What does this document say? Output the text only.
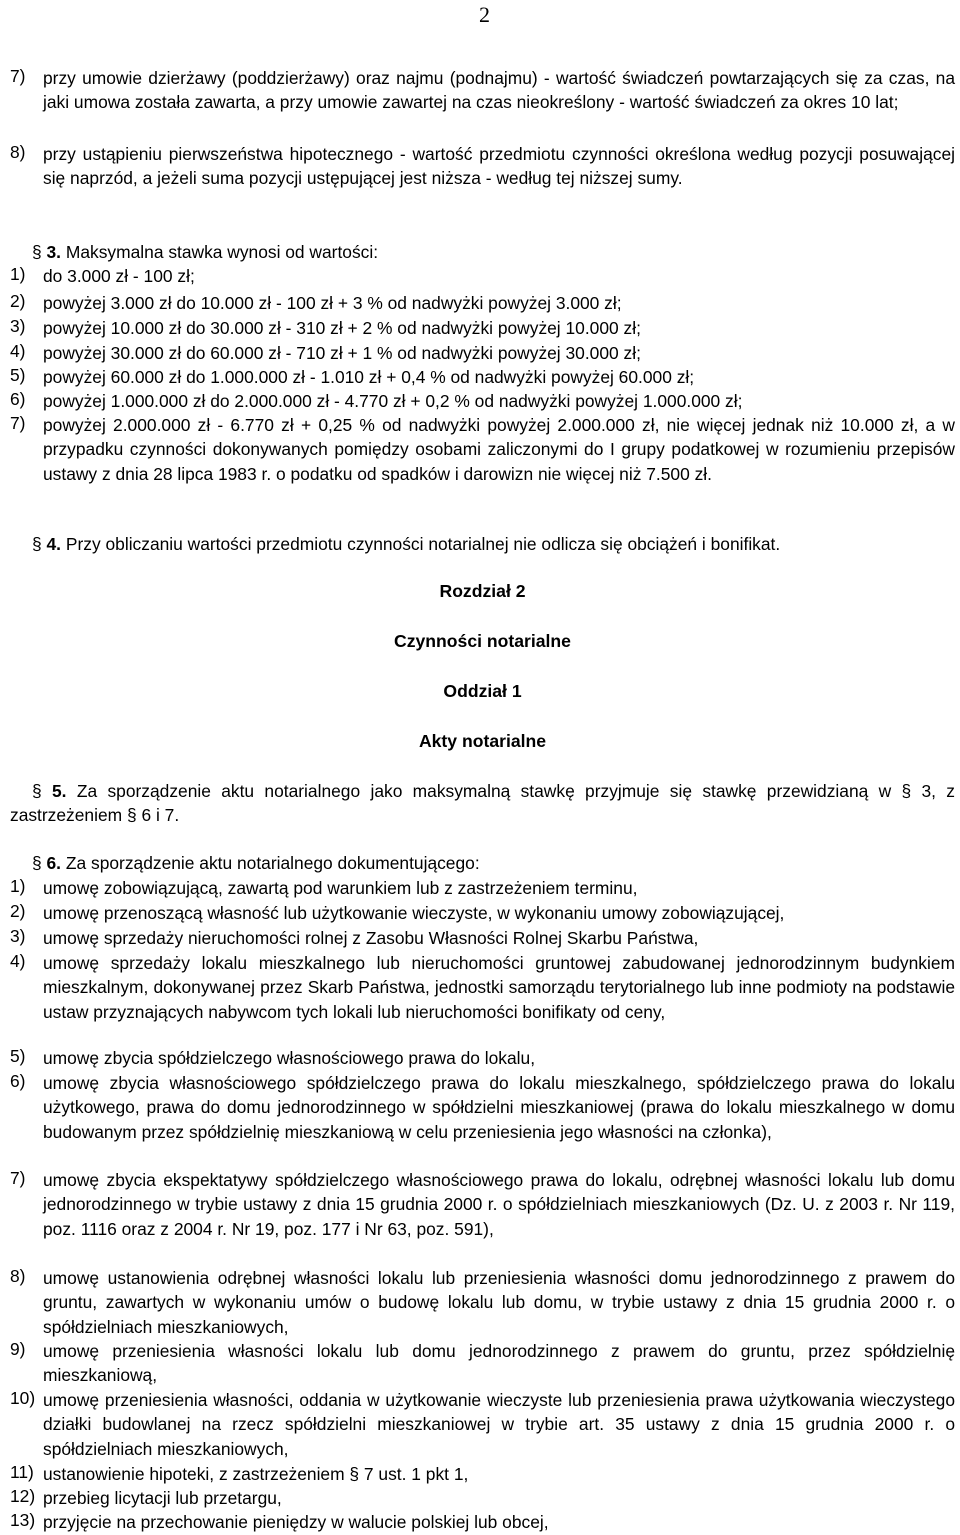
2
7) przy umowie dzierżawy (poddzierżawy) oraz najmu (podnajmu) - wartość świadczeń powtarzających się za czas, na jaki umowa została zawarta, a przy umowie zawartej na czas nieokreślony - wartość świadczeń za okres 10 lat;
8) przy ustąpieniu pierwszeństwa hipotecznego - wartość przedmiotu czynności określona według pozycji posuwającej się naprzód, a jeżeli suma pozycji ustępującej jest niższa - według tej niższej sumy.
§ 3. Maksymalna stawka wynosi od wartości:
1) do 3.000 zł - 100 zł;
2) powyżej 3.000 zł do 10.000 zł - 100 zł + 3 % od nadwyżki powyżej 3.000 zł;
3) powyżej 10.000 zł do 30.000 zł - 310 zł + 2 % od nadwyżki powyżej 10.000 zł;
4) powyżej 30.000 zł do 60.000 zł - 710 zł + 1 % od nadwyżki powyżej 30.000 zł;
5) powyżej 60.000 zł do 1.000.000 zł - 1.010 zł + 0,4 % od nadwyżki powyżej 60.000 zł;
6) powyżej 1.000.000 zł do 2.000.000 zł - 4.770 zł + 0,2 % od nadwyżki powyżej 1.000.000 zł;
7) powyżej 2.000.000 zł - 6.770 zł + 0,25 % od nadwyżki powyżej 2.000.000 zł, nie więcej jednak niż 10.000 zł, a w przypadku czynności dokonywanych pomiędzy osobami zaliczonymi do I grupy podatkowej w rozumieniu przepisów ustawy z dnia 28 lipca 1983 r. o podatku od spadków i darowizn nie więcej niż 7.500 zł.
§ 4. Przy obliczaniu wartości przedmiotu czynności notarialnej nie odlicza się obciążeń i bonifikat.
Rozdział 2
Czynności notarialne
Oddział 1
Akty notarialne
§ 5. Za sporządzenie aktu notarialnego jako maksymalną stawkę przyjmuje się stawkę przewidzianą w § 3, z zastrzeżeniem § 6 i 7.
§ 6. Za sporządzenie aktu notarialnego dokumentującego:
1) umowę zobowiązującą, zawartą pod warunkiem lub z zastrzeżeniem terminu,
2) umowę przenoszącą własność lub użytkowanie wieczyste, w wykonaniu umowy zobowiązującej,
3) umowę sprzedaży nieruchomości rolnej z Zasobu Własności Rolnej Skarbu Państwa,
4) umowę sprzedaży lokalu mieszkalnego lub nieruchomości gruntowej zabudowanej jednorodzinnym budynkiem mieszkalnym, dokonywanej przez Skarb Państwa, jednostki samorządu terytorialnego lub inne podmioty na podstawie ustaw przyznających nabywcom tych lokali lub nieruchomości bonifikaty od ceny,
5) umowę zbycia spółdzielczego własnościowego prawa do lokalu,
6) umowę zbycia własnościowego spółdzielczego prawa do lokalu mieszkalnego, spółdzielczego prawa do lokalu użytkowego, prawa do domu jednorodzinnego w spółdzielni mieszkaniowej (prawa do lokalu mieszkalnego w domu budowanym przez spółdzielnię mieszkaniową w celu przeniesienia jego własności na członka),
7) umowę zbycia ekspektatywy spółdzielczego własnościowego prawa do lokalu, odrębnej własności lokalu lub domu jednorodzinnego w trybie ustawy z dnia 15 grudnia 2000 r. o spółdzielniach mieszkaniowych (Dz. U. z 2003 r. Nr 119, poz. 1116 oraz z 2004 r. Nr 19, poz. 177 i Nr 63, poz. 591),
8) umowę ustanowienia odrębnej własności lokalu lub przeniesienia własności domu jednorodzinnego z prawem do gruntu, zawartych w wykonaniu umów o budowę lokalu lub domu, w trybie ustawy z dnia 15 grudnia 2000 r. o spółdzielniach mieszkaniowych,
9) umowę przeniesienia własności lokalu lub domu jednorodzinnego z prawem do gruntu, przez spółdzielnię mieszkaniową,
10) umowę przeniesienia własności, oddania w użytkowanie wieczyste lub przeniesienia prawa użytkowania wieczystego działki budowlanej na rzecz spółdzielni mieszkaniowej w trybie art. 35 ustawy z dnia 15 grudnia 2000 r. o spółdzielniach mieszkaniowych,
11) ustanowienie hipoteki, z zastrzeżeniem § 7 ust. 1 pkt 1,
12) przebieg licytacji lub przetargu,
13) przyjęcie na przechowanie pieniędzy w walucie polskiej lub obcej,
